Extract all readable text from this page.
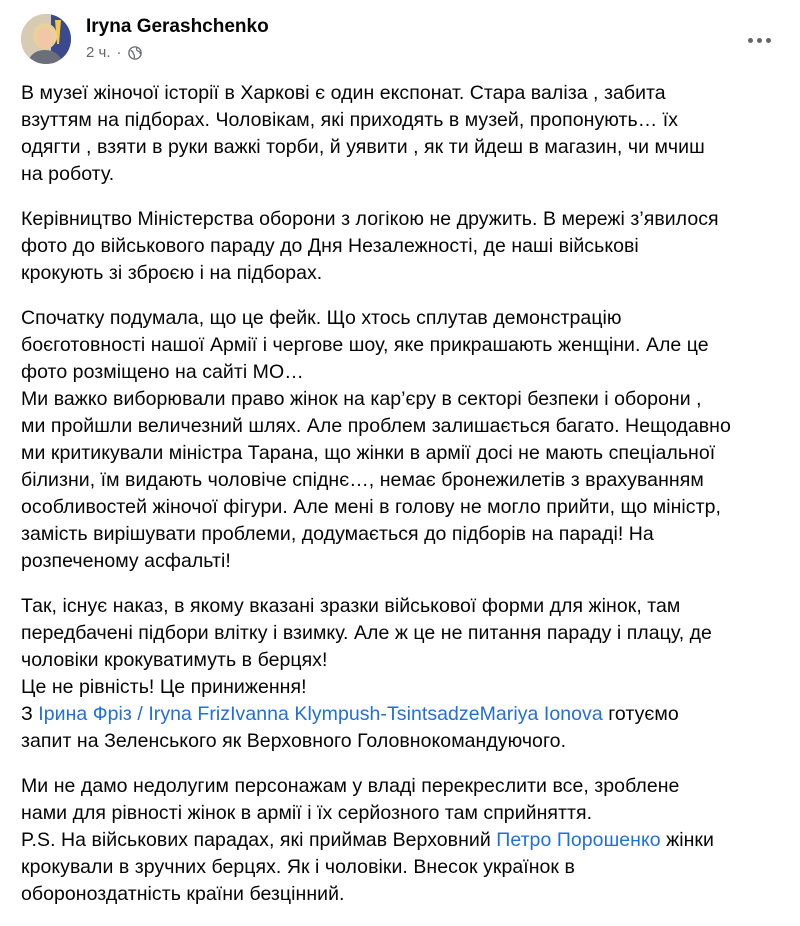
Iryna Gerashchenko
2 ч. ·
В музеї жіночої історії в Харкові є один експонат. Стара валіза , забита
взуттям на підборах. Чоловікам, які приходять в музей, пропонують… їх
одягти , взяти в руки важкі торби, й уявити , як ти йдеш в магазин, чи мчиш
на роботу.
Керівництво Міністерства оборони з логікою не дружить. В мережі з’явилося
фото до військового параду до Дня Незалежності, де наші військові
крокують зі зброєю і на підборах.
Спочатку подумала, що це фейк. Що хтось сплутав демонстрацію
боєготовності нашої Армії і чергове шоу, яке прикрашають женщіни. Але це
фото розміщено на сайті МО…
Ми важко виборювали право жінок на кар’єру в секторі безпеки і оборони ,
ми пройшли величезний шлях. Але проблем залишається багато. Нещодавно
ми критикували міністра Тарана, що жінки в армії досі не мають спеціальної
білизни, їм видають чоловіче спіднє…, немає бронежилетів з врахуванням
особливостей жіночої фігури. Але мені в голову не могло прийти, що міністр,
замість вирішувати проблеми, додумається до підборів на параді! На
розпеченому асфальті!
Так, існує наказ, в якому вказані зразки військової форми для жінок, там
передбачені підбори влітку і взимку. Але ж це не питання параду і плацу, де
чоловіки крокуватимуть в берцях!
Це не рівність! Це приниження!
З Ірина Фріз / Iryna FrizIvanna Klympush-TsintsadzeMariya Ionova готуємо
запит на Зеленського як Верховного Головнокомандуючого.
Ми не дамо недолугим персонажам у владі перекреслити все, зроблене
нами для рівності жінок в армії і їх серйозного там сприйняття.
P.S. На військових парадах, які приймав Верховний Петро Порошенко жінки
крокували в зручних берцях. Як і чоловіки. Внесок українок в
обороноздатність країни безцінний.
